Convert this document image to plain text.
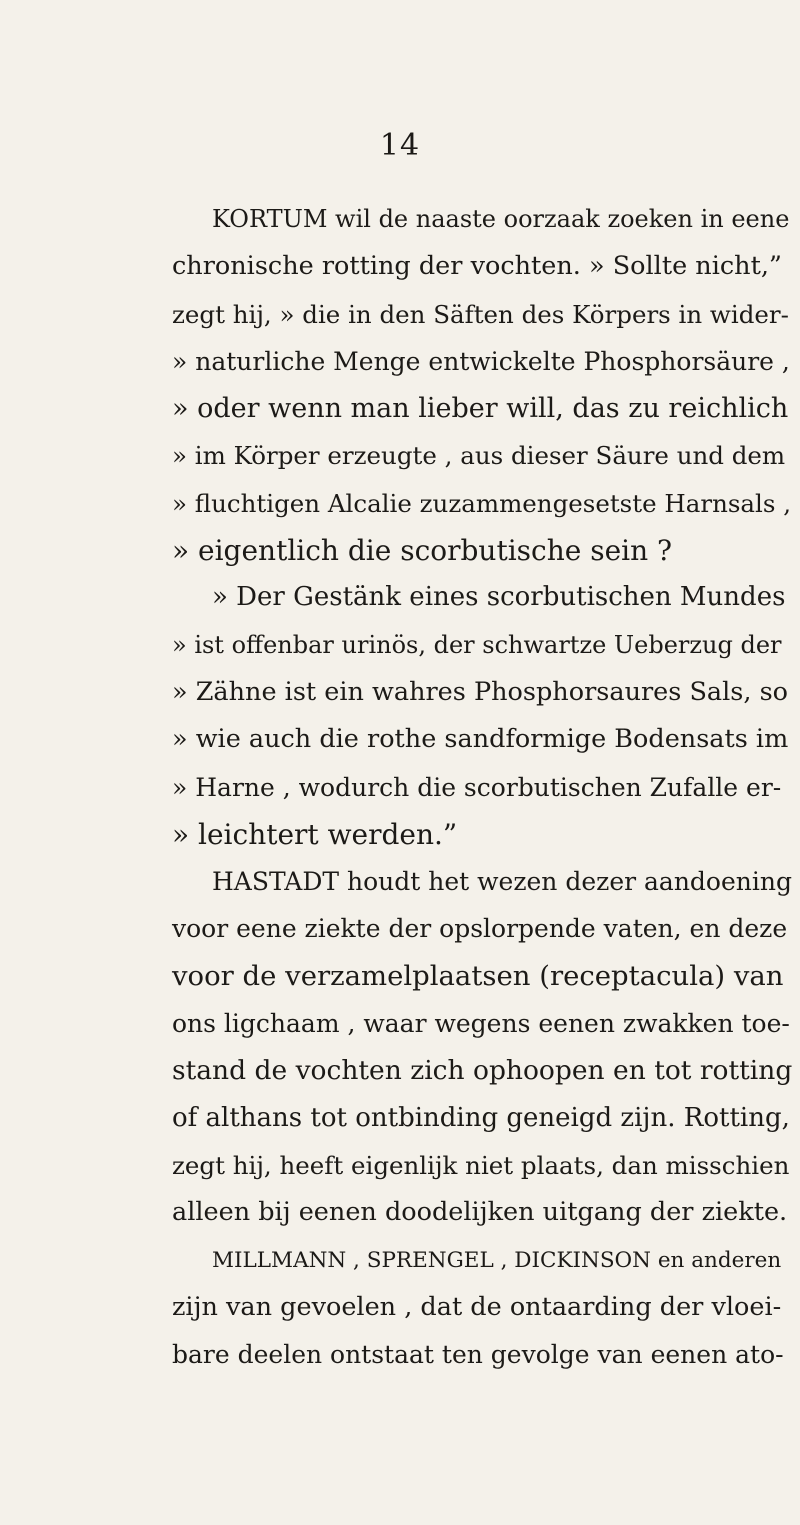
14
KORTUM wil de naaste oorzaak zoeken in eene
chronische rotting der vochten. » Sollte nicht,”
zegt hij, » die in den Säften des Körpers in wider-
» naturliche Menge entwickelte Phosphorsäure ,
» oder wenn man lieber will, das zu reichlich
» im Körper erzeugte , aus dieser Säure und dem
» fluchtigen Alcalie zuzammengesetste Harnsals ,
» eigentlich die scorbutische sein ?
» Der Gestänk eines scorbutischen Mundes
» ist offenbar urinös, der schwartze Ueberzug der
» Zähne ist ein wahres Phosphorsaures Sals, so
» wie auch die rothe sandformige Bodensats im
» Harne , wodurch die scorbutischen Zufalle er-
» leichtert werden.”
HASTADT houdt het wezen dezer aandoening
voor eene ziekte der opslorpende vaten, en deze
voor de verzamelplaatsen (receptacula) van
ons ligchaam , waar wegens eenen zwakken toe-
stand de vochten zich ophoopen en tot rotting
of althans tot ontbinding geneigd zijn. Rotting,
zegt hij, heeft eigenlijk niet plaats, dan misschien
alleen bij eenen doodelijken uitgang der ziekte.
MILLMANN , SPRENGEL , DICKINSON en anderen
zijn van gevoelen , dat de ontaarding der vloei-
bare deelen ontstaat ten gevolge van eenen ato-
